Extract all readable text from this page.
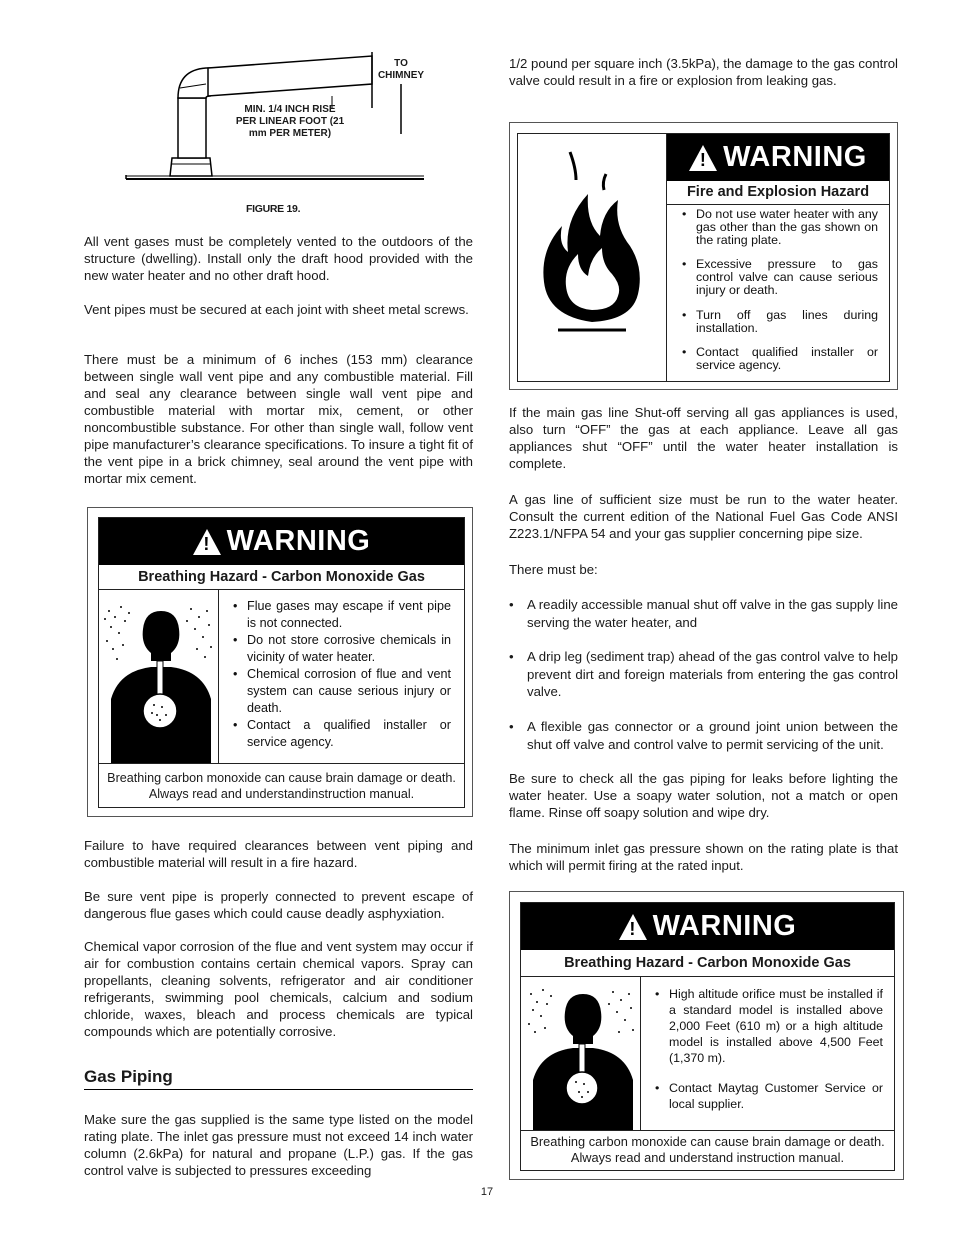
TO CHIMNEY
MIN. 1/4 INCH RISE PER LINEAR FOOT (21 mm PER METER)
FIGURE 19.

All vent gases must be completely vented to the outdoors of the structure (dwelling). Install only the draft hood provided with the new water heater and no other draft hood.

Vent pipes must be secured at each joint with sheet metal screws.

There must be a minimum of 6 inches (153 mm) clearance between single wall vent pipe and any combustible material. Fill and seal any clearance between single wall vent pipe and combustible material with mortar mix, cement, or other noncombustible substance. For other than single wall, follow vent pipe manufacturer’s clearance specifications. To insure a tight fit of the vent pipe in a brick chimney, seal around the vent pipe with mortar mix cement.

! WARNING
Breathing Hazard - Carbon Monoxide Gas
• Flue gases may escape if vent pipe is not connected.
• Do not store corrosive chemicals in vicinity of water heater.
• Chemical corrosion of flue and vent system can cause serious injury or death.
• Contact a qualified installer or service agency.
Breathing carbon monoxide can cause brain damage or death. Always read and understandinstruction manual.

Failure to have required clearances between vent piping and combustible material will result in a fire hazard.

Be sure vent pipe is properly connected to prevent escape of dangerous flue gases which could cause deadly asphyxiation.

Chemical vapor corrosion of the flue and vent system may occur if air for combustion contains certain chemical vapors. Spray can propellants, cleaning solvents, refrigerator and air conditioner refrigerants, swimming pool chemicals, calcium and sodium chloride, waxes, bleach and process chemicals are typical compounds which are potentially corrosive.

Gas Piping

Make sure the gas supplied is the same type listed on the model rating plate. The inlet gas pressure must not exceed 14 inch water column (2.6kPa) for natural and propane (L.P.) gas. If the gas control valve is subjected to pressures exceeding

1/2 pound per square inch (3.5kPa), the damage to the gas control valve could result in a fire or explosion from leaking gas.

! WARNING
Fire and Explosion Hazard
• Do not use water heater with any gas other than the gas shown on the rating plate.
• Excessive pressure to gas control valve can cause serious injury or death.
• Turn off gas lines during installation.
• Contact qualified installer or service agency.

If the main gas line Shut-off serving all gas appliances is used, also turn “OFF” the gas at each appliance. Leave all gas appliances shut “OFF” until the water heater installation is complete.

A gas line of sufficient size must be run to the water heater. Consult the current edition of the National Fuel Gas Code ANSI Z223.1/NFPA 54 and your gas supplier concerning pipe size.

There must be:

• A readily accessible manual shut off valve in the gas supply line serving the water heater, and
• A drip leg (sediment trap) ahead of the gas control valve to help prevent dirt and foreign materials from entering the gas control valve.
• A flexible gas connector or a ground joint union between the shut off valve and control valve to permit servicing of the unit.

Be sure to check all the gas piping for leaks before lighting the water heater. Use a soapy water solution, not a match or open flame. Rinse off soapy solution and wipe dry.

The minimum inlet gas pressure shown on the rating plate is that which will permit firing at the rated input.

! WARNING
Breathing Hazard - Carbon Monoxide Gas
• High altitude orifice must be installed if a standard model is installed above 2,000 Feet (610 m) or a high altitude model is installed above 4,500 Feet (1,370 m).
• Contact Maytag Customer Service or local supplier.
Breathing carbon monoxide can cause brain damage or death. Always read and understand instruction manual.
17
